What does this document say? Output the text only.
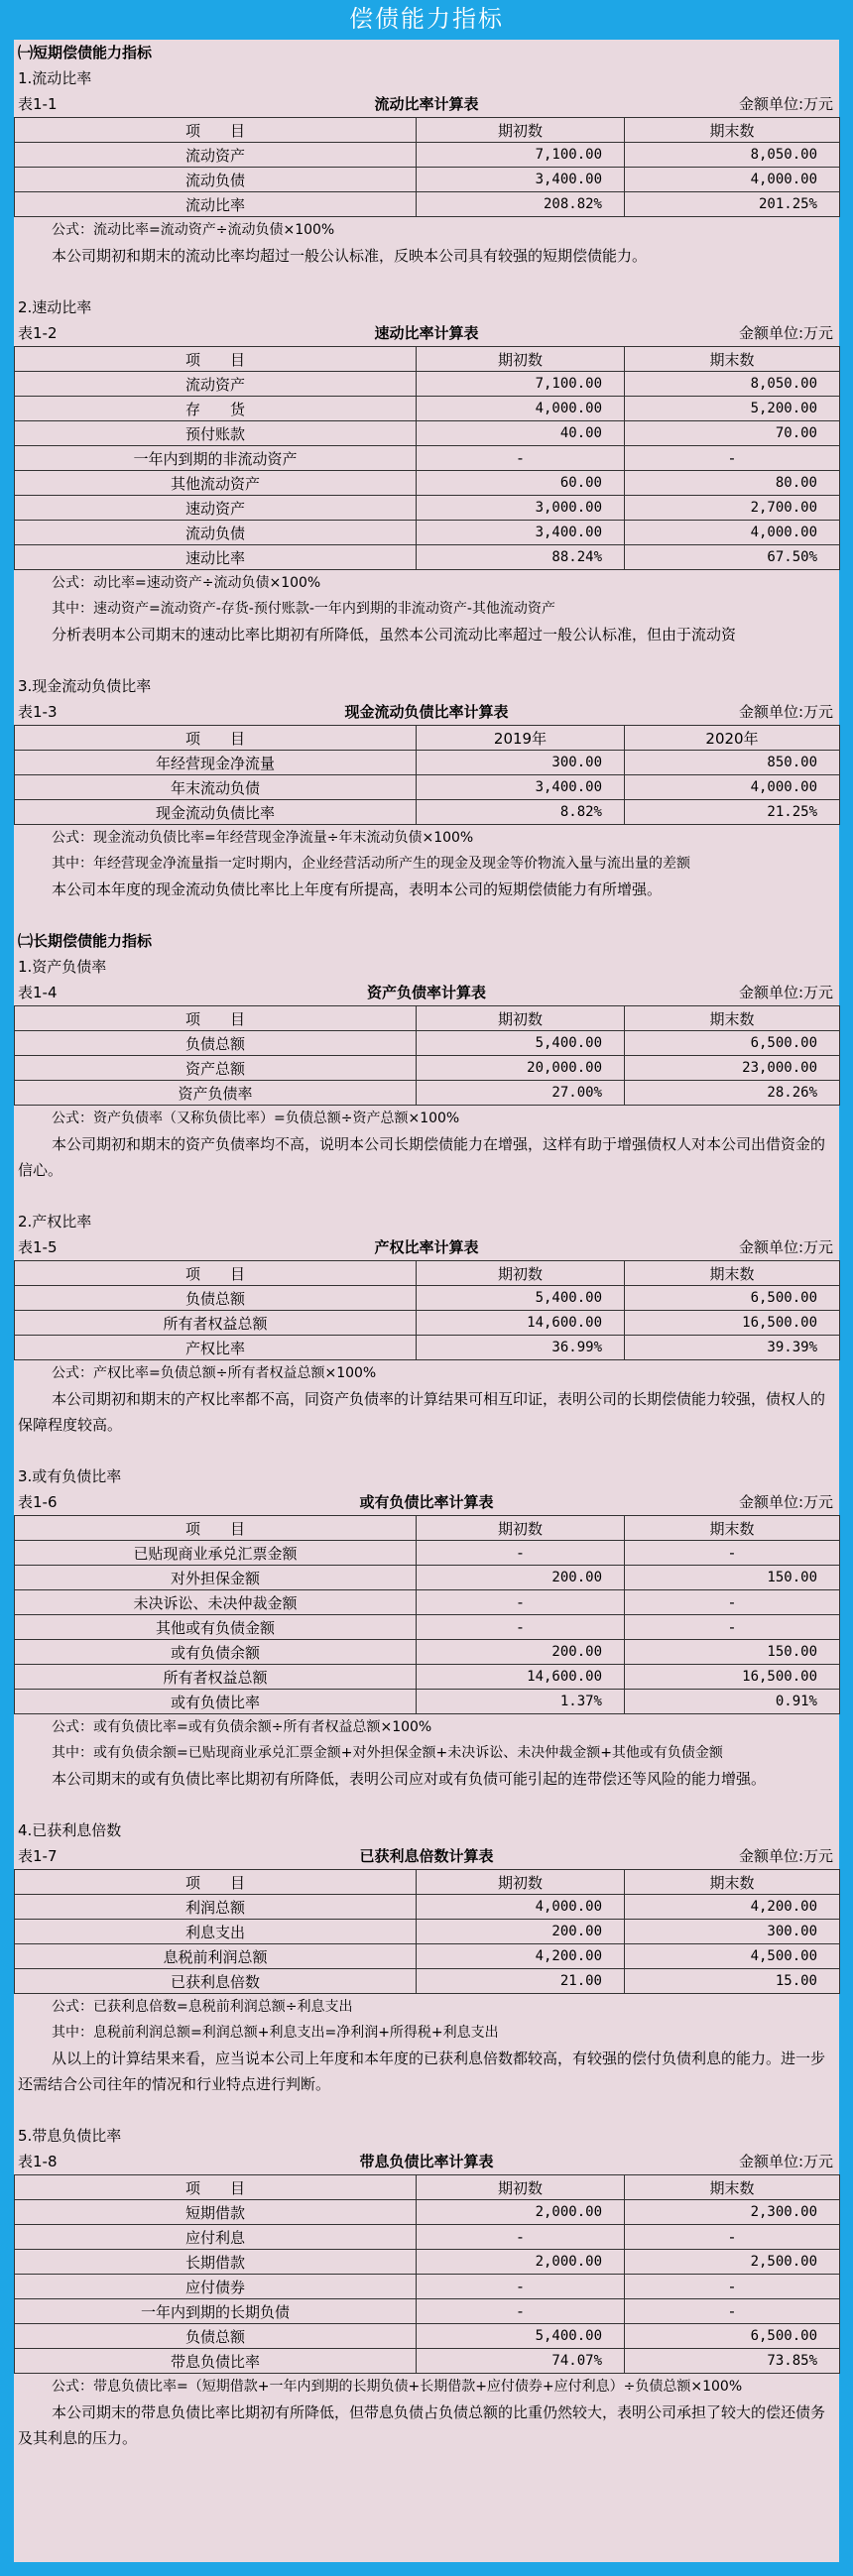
偿债能力指标
㈠短期偿债能力指标
1.流动比率
表1-1	流动比率计算表	金额单位:万元
项　　目	期初数	期末数
流动资产	7,100.00	8,050.00
流动负债	3,400.00	4,000.00
流动比率	208.82%	201.25%
公式：流动比率=流动资产÷流动负债×100%
本公司期初和期末的流动比率均超过一般公认标准，反映本公司具有较强的短期偿债能力。
2.速动比率
表1-2	速动比率计算表	金额单位:万元
项　　目	期初数	期末数
流动资产	7,100.00	8,050.00
存　　货	4,000.00	5,200.00
预付账款	40.00	70.00
一年内到期的非流动资产	-	-
其他流动资产	60.00	80.00
速动资产	3,000.00	2,700.00
流动负债	3,400.00	4,000.00
速动比率	88.24%	67.50%
公式：动比率=速动资产÷流动负债×100%
其中：速动资产=流动资产-存货-预付账款-一年内到期的非流动资产-其他流动资产
分析表明本公司期末的速动比率比期初有所降低，虽然本公司流动比率超过一般公认标准，但由于流动资
3.现金流动负债比率
表1-3	现金流动负债比率计算表	金额单位:万元
项　　目	2019年	2020年
年经营现金净流量	300.00	850.00
年末流动负债	3,400.00	4,000.00
现金流动负债比率	8.82%	21.25%
公式：现金流动负债比率=年经营现金净流量÷年末流动负债×100%
其中：年经营现金净流量指一定时期内，企业经营活动所产生的现金及现金等价物流入量与流出量的差额
本公司本年度的现金流动负债比率比上年度有所提高，表明本公司的短期偿债能力有所增强。
㈡长期偿债能力指标
1.资产负债率
表1-4	资产负债率计算表	金额单位:万元
项　　目	期初数	期末数
负债总额	5,400.00	6,500.00
资产总额	20,000.00	23,000.00
资产负债率	27.00%	28.26%
公式：资产负债率（又称负债比率）=负债总额÷资产总额×100%
本公司期初和期末的资产负债率均不高，说明本公司长期偿债能力在增强，这样有助于增强债权人对本公司出借资金的信心。
2.产权比率
表1-5	产权比率计算表	金额单位:万元
项　　目	期初数	期末数
负债总额	5,400.00	6,500.00
所有者权益总额	14,600.00	16,500.00
产权比率	36.99%	39.39%
公式：产权比率=负债总额÷所有者权益总额×100%
本公司期初和期末的产权比率都不高，同资产负债率的计算结果可相互印证，表明公司的长期偿债能力较强，债权人的保障程度较高。
3.或有负债比率
表1-6	或有负债比率计算表	金额单位:万元
项　　目	期初数	期末数
已贴现商业承兑汇票金额	-	-
对外担保金额	200.00	150.00
未决诉讼、未决仲裁金额	-	-
其他或有负债金额	-	-
或有负债余额	200.00	150.00
所有者权益总额	14,600.00	16,500.00
或有负债比率	1.37%	0.91%
公式：或有负债比率=或有负债余额÷所有者权益总额×100%
其中：或有负债余额=已贴现商业承兑汇票金额+对外担保金额+未决诉讼、未决仲裁金额+其他或有负债金额
本公司期末的或有负债比率比期初有所降低，表明公司应对或有负债可能引起的连带偿还等风险的能力增强。
4.已获利息倍数
表1-7	已获利息倍数计算表	金额单位:万元
项　　目	期初数	期末数
利润总额	4,000.00	4,200.00
利息支出	200.00	300.00
息税前利润总额	4,200.00	4,500.00
已获利息倍数	21.00	15.00
公式：已获利息倍数=息税前利润总额÷利息支出
其中：息税前利润总额=利润总额+利息支出=净利润+所得税+利息支出
从以上的计算结果来看，应当说本公司上年度和本年度的已获利息倍数都较高，有较强的偿付负债利息的能力。进一步还需结合公司往年的情况和行业特点进行判断。
5.带息负债比率
表1-8	带息负债比率计算表	金额单位:万元
项　　目	期初数	期末数
短期借款	2,000.00	2,300.00
应付利息	-	-
长期借款	2,000.00	2,500.00
应付债券	-	-
一年内到期的长期负债	-	-
负债总额	5,400.00	6,500.00
带息负债比率	74.07%	73.85%
公式：带息负债比率=（短期借款+一年内到期的长期负债+长期借款+应付债券+应付利息）÷负债总额×100%
本公司期末的带息负债比率比期初有所降低，但带息负债占负债总额的比重仍然较大，表明公司承担了较大的偿还债务及其利息的压力。
